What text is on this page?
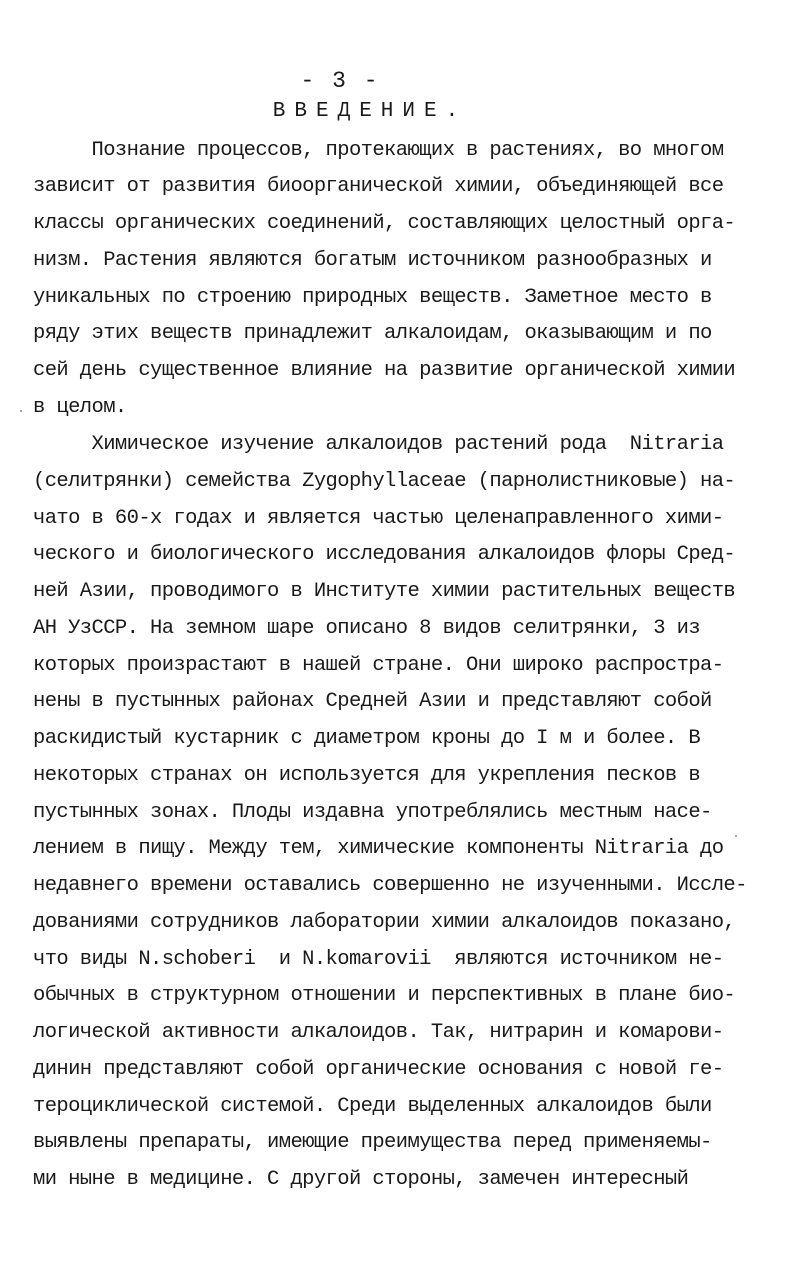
- 3 -
ВВЕДЕНИЕ.
Познание процессов, протекающих в растениях, во многом
зависит от развития биоорганической химии, объединяющей все
классы органических соединений, составляющих целостный орга-
низм. Растения являются богатым источником разнообразных и
уникальных по строению природных веществ. Заметное место в
ряду этих веществ принадлежит алкалоидам, оказывающим и по
сей день существенное влияние на развитие органической химии
в целом.
Химическое изучение алкалоидов растений рода  Nitraria
(селитрянки) семейства Zygophyllaceae (парнолистниковые) на-
чато в 60-х годах и является частью целенаправленного хими-
ческого и биологического исследования алкалоидов флоры Сред-
ней Азии, проводимого в Институте химии растительных веществ
АН УзССР. На земном шаре описано 8 видов селитрянки, 3 из
которых произрастают в нашей стране. Они широко распростра-
нены в пустынных районах Средней Азии и представляют собой
раскидистый кустарник с диаметром кроны до I м и более. В
некоторых странах он используется для укрепления песков в
пустынных зонах. Плоды издавна употреблялись местным насе-
лением в пищу. Между тем, химические компоненты Nitraria до
недавнего времени оставались совершенно не изученными. Иссле-
дованиями сотрудников лаборатории химии алкалоидов показано,
что виды N.schoberi  и N.komarovii  являются источником не-
обычных в структурном отношении и перспективных в плане био-
логической активности алкалоидов. Так, нитрарин и комарови-
динин представляют собой органические основания с новой ге-
тероциклической системой. Среди выделенных алкалоидов были
выявлены препараты, имеющие преимущества перед применяемы-
ми ныне в медицине. С другой стороны, замечен интересный
